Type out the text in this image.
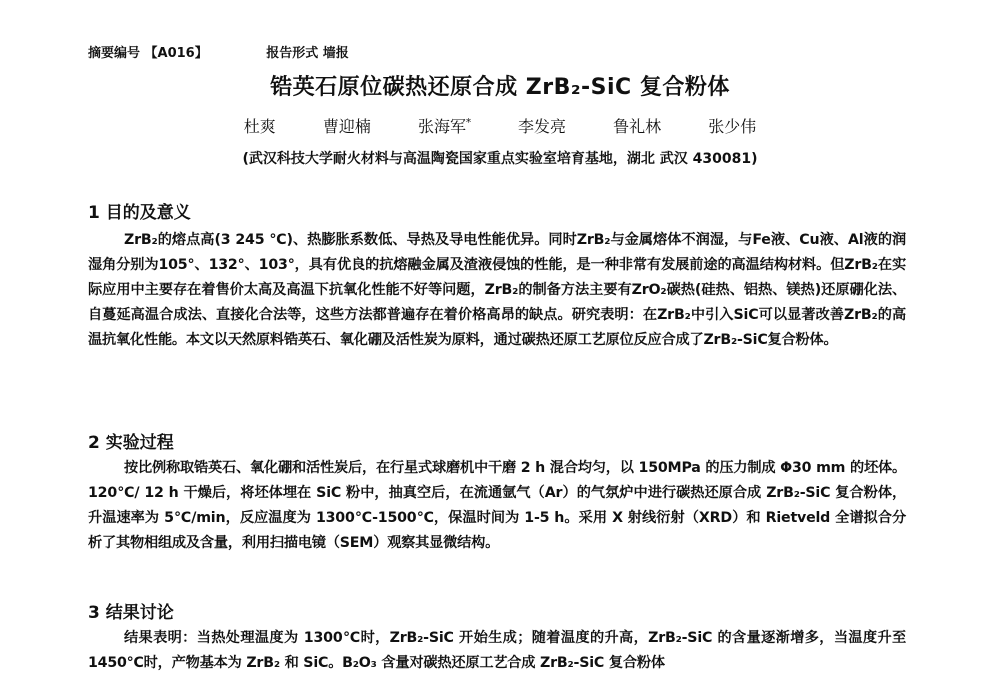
摘要编号 【A016】	报告形式 墙报
锆英石原位碳热还原合成 ZrB₂-SiC 复合粉体
杜爽	曹迎楠	张海军*	李发亮	鲁礼林	张少伟
(武汉科技大学耐火材料与高温陶瓷国家重点实验室培育基地，湖北 武汉 430081)
1 目的及意义
ZrB₂的熔点高(3 245 ℃)、热膨胀系数低、导热及导电性能优异。同时ZrB₂与金属熔体不润湿，与Fe液、Cu液、Al液的润湿角分别为105°、132°、103°，具有优良的抗熔融金属及渣液侵蚀的性能，是一种非常有发展前途的高温结构材料。但ZrB₂在实际应用中主要存在着售价太高及高温下抗氧化性能不好等问题，ZrB₂的制备方法主要有ZrO₂碳热(硅热、铝热、镁热)还原硼化法、自蔓延高温合成法、直接化合法等，这些方法都普遍存在着价格高昂的缺点。研究表明：在ZrB₂中引入SiC可以显著改善ZrB₂的高温抗氧化性能。本文以天然原料锆英石、氧化硼及活性炭为原料，通过碳热还原工艺原位反应合成了ZrB₂-SiC复合粉体。
2 实验过程
按比例称取锆英石、氧化硼和活性炭后，在行星式球磨机中干磨 2 h 混合均匀，以 150MPa 的压力制成 Φ30 mm 的坯体。120℃/ 12 h 干燥后，将坯体埋在 SiC 粉中，抽真空后，在流通氩气（Ar）的气氛炉中进行碳热还原合成 ZrB₂-SiC 复合粉体，升温速率为 5℃/min，反应温度为 1300℃-1500℃，保温时间为 1-5 h。采用 X 射线衍射（XRD）和 Rietveld 全谱拟合分析了其物相组成及含量，利用扫描电镜（SEM）观察其显微结构。
3 结果讨论
结果表明：当热处理温度为 1300℃时，ZrB₂-SiC 开始生成；随着温度的升高，ZrB₂-SiC 的含量逐渐增多，当温度升至 1450℃时，产物基本为 ZrB₂ 和 SiC。B₂O₃ 含量对碳热还原工艺合成 ZrB₂-SiC 复合粉体
